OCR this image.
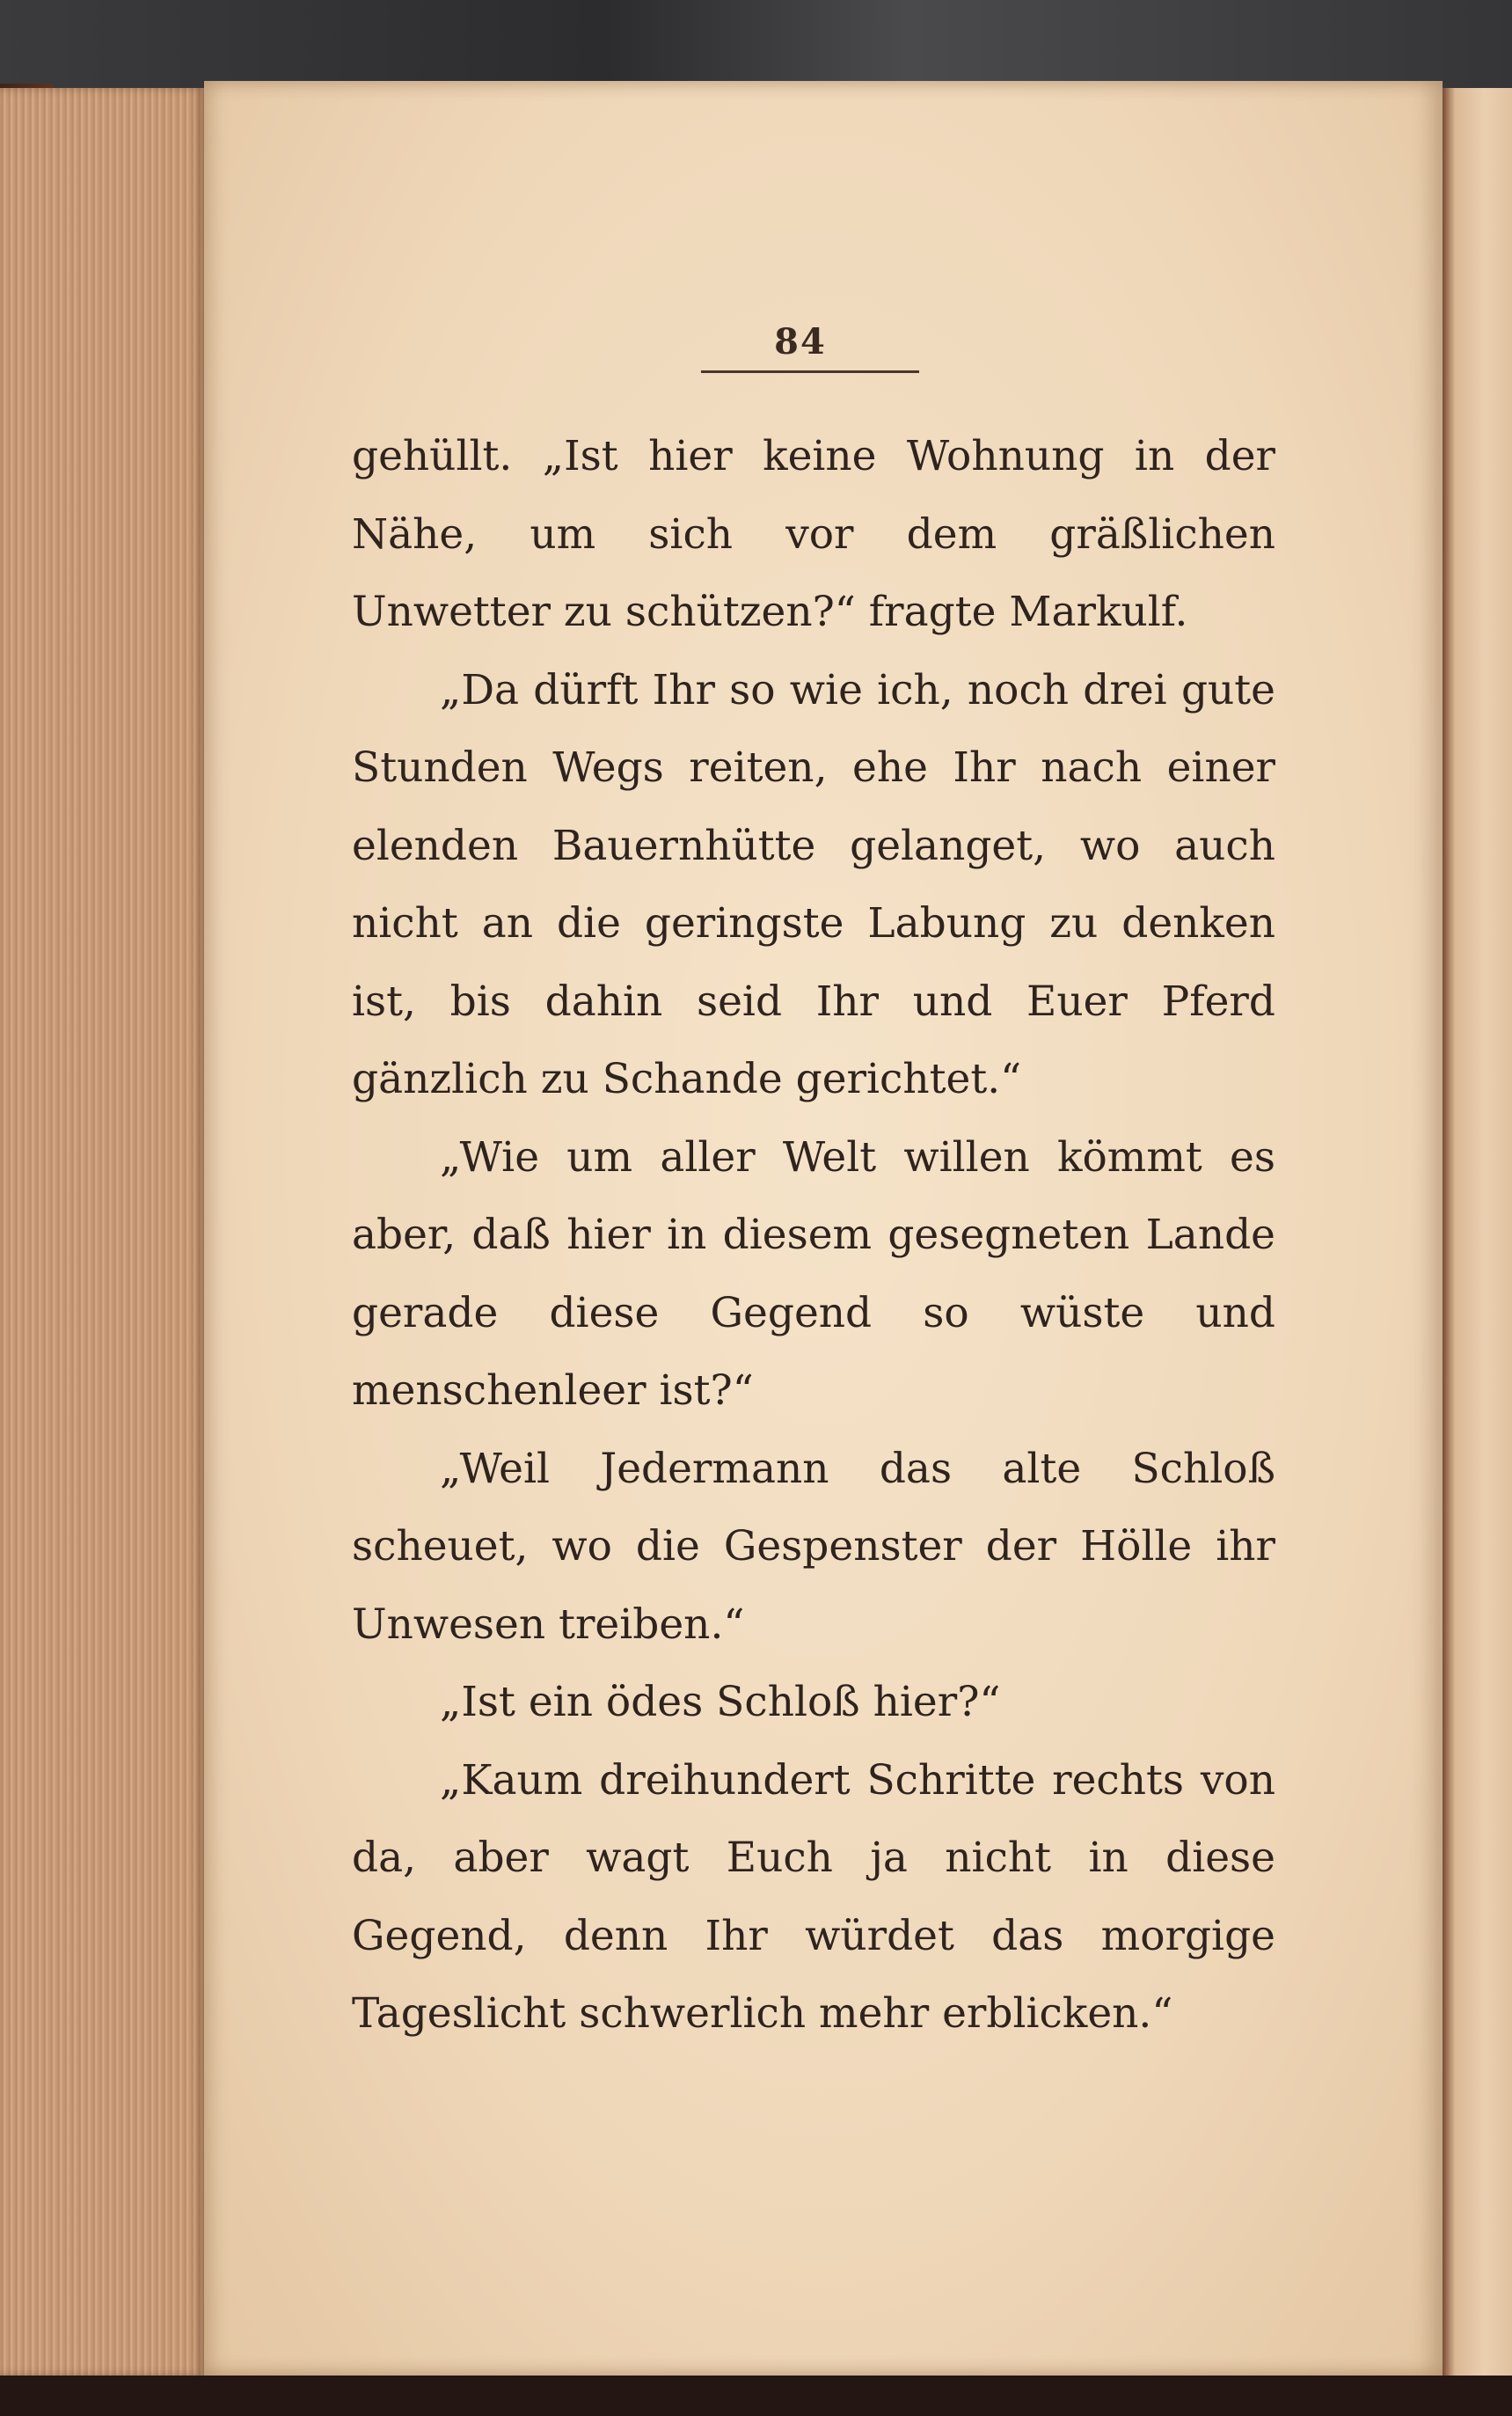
84

gehüllt. „Ist hier keine Wohnung in der Nähe, um sich vor dem gräßlichen Unwetter zu schützen?“ fragte Markulf.

„Da dürft Ihr so wie ich, noch drei gute Stunden Wegs reiten, ehe Ihr nach einer elenden Bauernhütte gelanget, wo auch nicht an die geringste Labung zu denken ist, bis dahin seid Ihr und Euer Pferd gänzlich zu Schande gerichtet.“

„Wie um aller Welt willen kömmt es aber, daß hier in diesem gesegneten Lande gerade diese Gegend so wüste und menschenleer ist?“

„Weil Jedermann das alte Schloß scheuet, wo die Gespenster der Hölle ihr Unwesen treiben.“

„Ist ein ödes Schloß hier?“

„Kaum dreihundert Schritte rechts von da, aber wagt Euch ja nicht in diese Gegend, denn Ihr würdet das morgige Tageslicht schwerlich mehr erblicken.“
